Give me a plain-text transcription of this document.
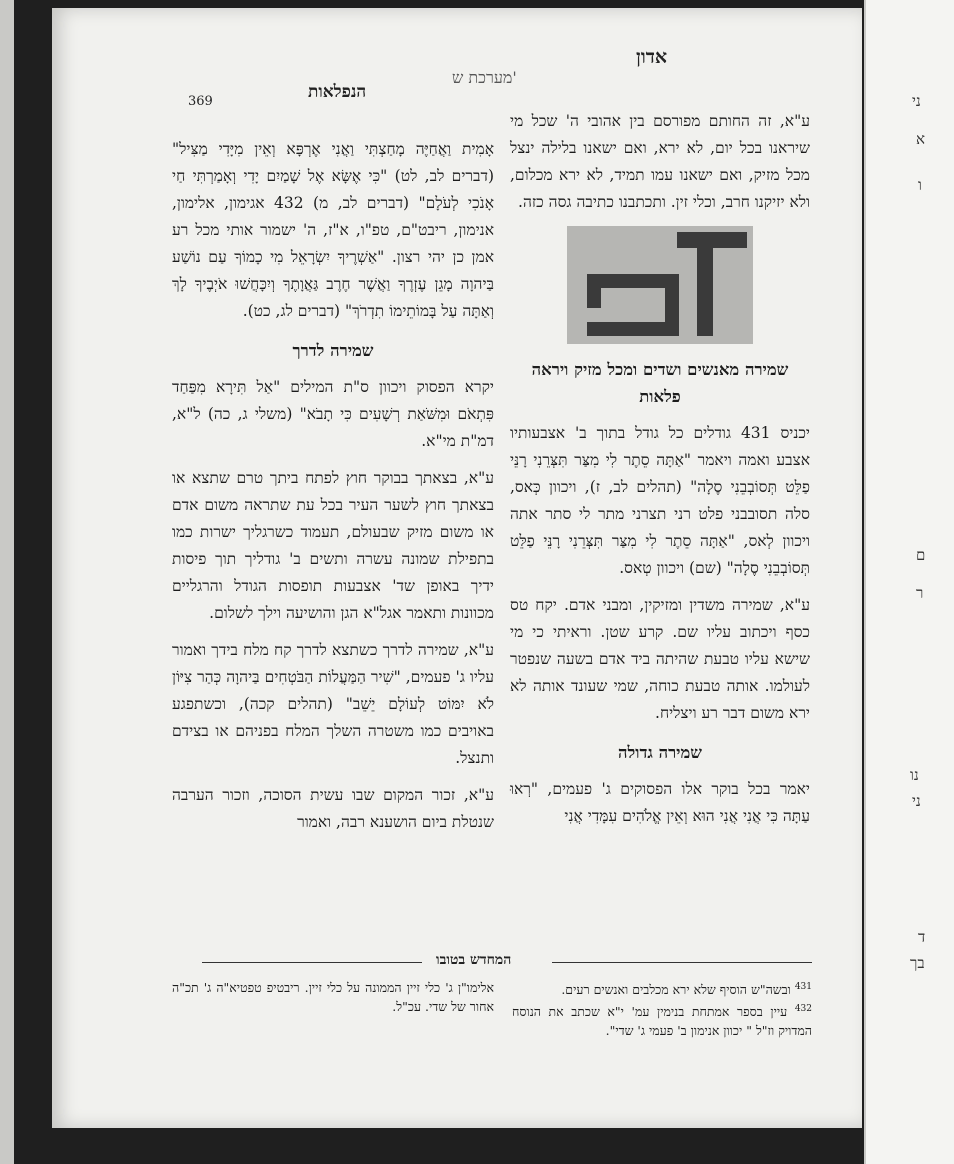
369	הנפלאות
מערכת ש'
אדון

ע"א, זה החותם מפורסם בין אהובי ה' שכל מי שיראנו בכל יום, לא ירא, ואם ישאנו בלילה ינצל מכל מזיק, ואם ישאנו עמו תמיד, לא ירא מכלום, ולא יזיקנו חרב, וכלי זין. ותכתבנו כתיבה גסה כזה.

שמירה מאנשים ושדים ומכל מזיק ויראה פלאות

יכניס 431 גודלים כל גודל בתוך ב' אצבעותיו אצבע ואמה ויאמר "אַתָּה סֵתֶר לִי מִצַּר תִּצְּרֵנִי רָנֵּי פַלֵּט תְּסוֹבְבֵנִי סֶלָה" (תהלים לב, ז), ויכוון כְּאס, סלה תסובבני פלט רני תצרני מתר לי סתר אתה ויכוון לְאס, "אַתָּה סֵתֶר לִי מִצַּר תִּצְּרֵנִי רָנֵּי פַלֵּט תְּסוֹבְבֵנִי סֶלָה" (שם) ויכוון טְאס.

ע"א, שמירה משדין ומזיקין, ומבני אדם. יקח טס כסף ויכתוב עליו שם. קרע שטן. וראיתי כי מי שישא עליו טבעת שהיתה ביד אדם בשעה שנפטר לעולמו. אותה טבעת כוחה, שמי שעונד אותה לא ירא משום דבר רע ויצליח.

שמירה גדולה

יאמר בכל בוקר אלו הפסוקים ג' פעמים, "רְאוּ עַתָּה כִּי אֲנִי אֲנִי הוּא וְאֵין אֱלֹהִים עִמָּדִי אֲנִי

אָמִית וַאֲחַיֶּה מָחַצְתִּי וַאֲנִי אֶרְפָּא וְאֵין מִיָּדִי מַצִּיל" (דברים לב, לט) "כִּי אֶשָּׂא אֶל שָׁמַיִם יָדִי וְאָמַרְתִּי חַי אָנֹכִי לְעֹלָם" (דברים לב, מ) 432 אגימון, אלימון, אנימון, ריבט"ם, טפ"ו, א"ז, ה' ישמור אותי מכל רע אמן כן יהי רצון. "אַשְׁרֶיךָ יִשְׂרָאֵל מִי כָמוֹךָ עַם נוֹשַׁע בַּיהוָה מָגֵן עֶזְרֶךָ וַאֲשֶׁר חֶרֶב גַּאֲוָתֶךָ וְיִכָּחֲשׁוּ אֹיְבֶיךָ לָךְ וְאַתָּה עַל בָּמוֹתֵימוֹ תִדְרֹךְ" (דברים לג, כט).

שמירה לדרך

יקרא הפסוק ויכוון ס"ת המילים "אַל תִּירָא מִפַּחַד פִּתְאֹם וּמִשֹּׁאַת רְשָׁעִים כִּי תָבֹא" (משלי ג, כה) ל"א, דמ"ת מי"א.

ע"א, בצאתך בבוקר חוץ לפתח ביתך טרם שתצא או בצאתך חוץ לשער העיר בכל עת שתראה משום אדם או משום מזיק שבעולם, תעמוד כשרגליך ישרות כמו בתפילת שמונה עשרה ותשים ב' גודליך תוך פיסות ידיך באופן שד' אצבעות תופסות הגודל והרגליים מכוונות ותאמר אגל"א הגן והושיעה וילך לשלום.

ע"א, שמירה לדרך כשתצא לדרך קח מלח בידך ואמור עליו ג' פעמים, "שִׁיר הַמַּעֲלוֹת הַבֹּטְחִים בַּיהוָה כְּהַר צִיּוֹן לֹא יִמּוֹט לְעוֹלָם יֵשֵׁב" (תהלים קכה), וכשתפגע באויבים כמו משטרה השלך המלח בפניהם או בצידם ותנצל.

ע"א, זכור המקום שבו עשית הסוכה, וזכור הערבה שנטלת ביום הושענא רבה, ואמור

המחדש בטובו
$^{431}$ ובשה"ש הוסיף שלא ירא מכלבים ואנשים רעים.
$^{432}$ עיין בספר אמתחת בנימין עמ' י"א שכתב את הנוסח המדויק וז"ל " יכוון אנימון ב' פעמי ג' שדי".
אלימו"ן ג' כלי זיין הממונה על כלי זיין. ריבטיפ טפטיא"ה ג' תכ"ה אחור של שדי. עכ"ל.
ני
א
ו
ם
ר
נו
ני
ד
בך
